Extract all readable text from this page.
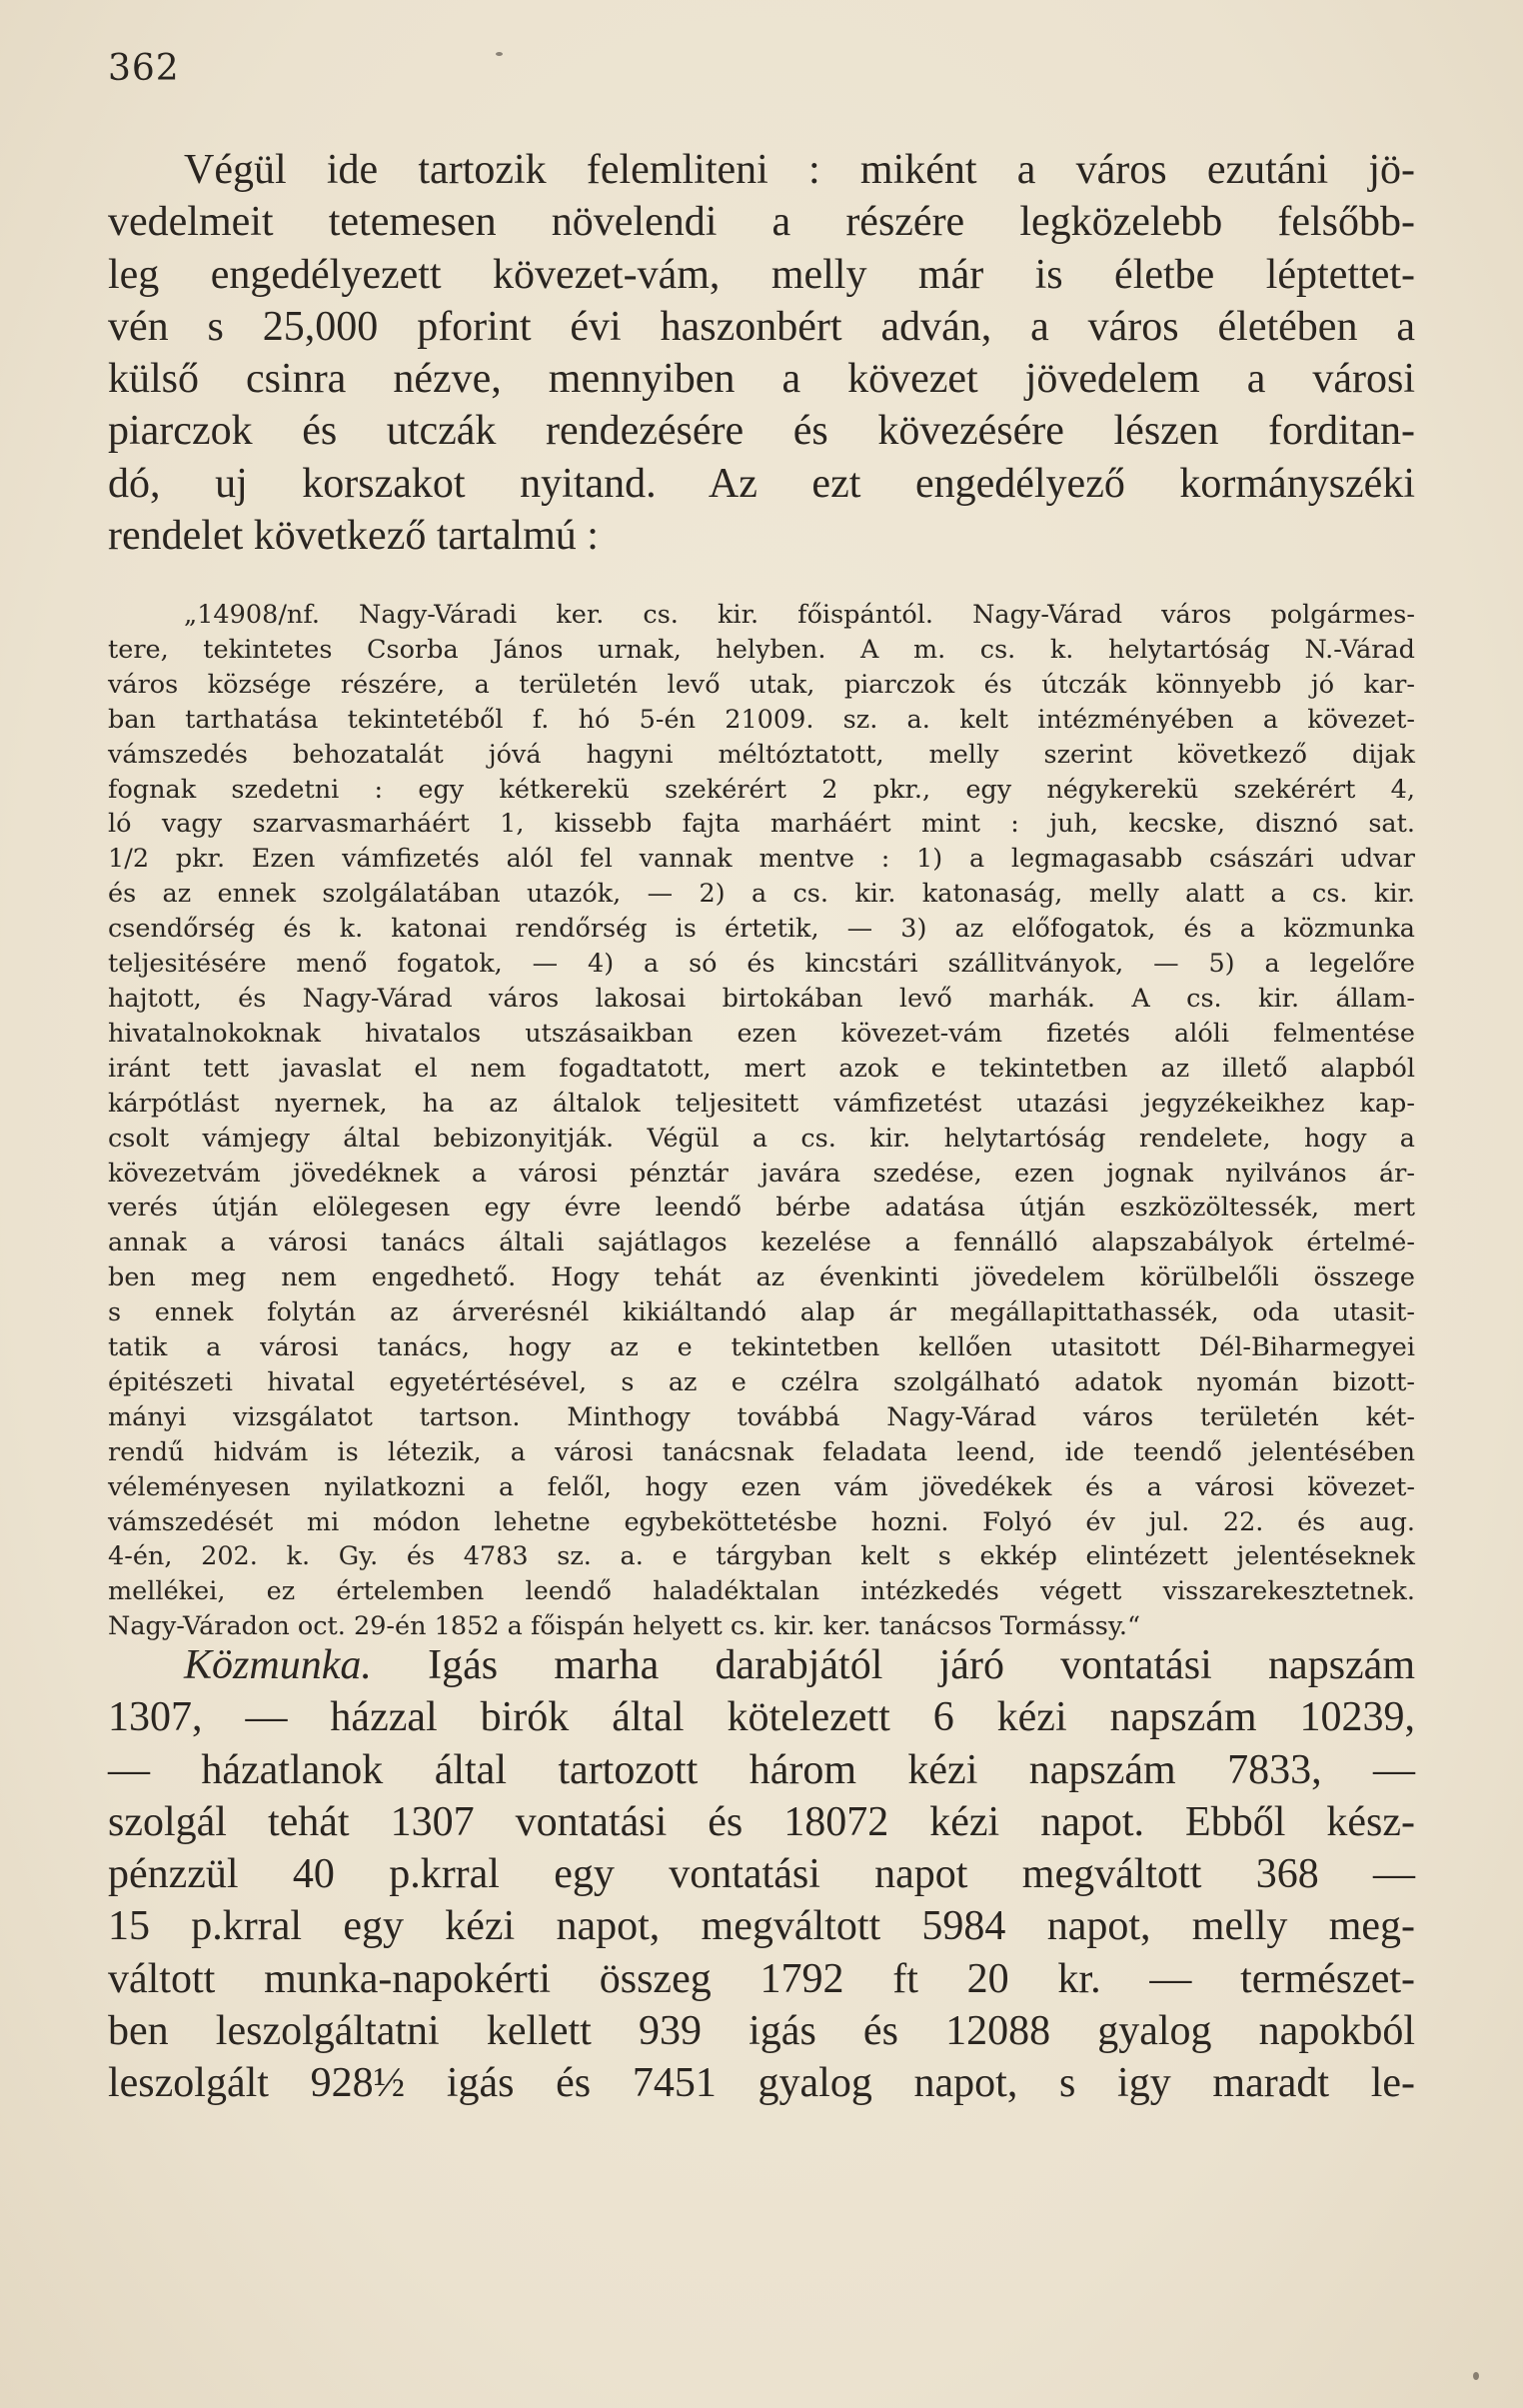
362

Végül ide tartozik felemliteni : miként a város ezutáni jö-
vedelmeit tetemesen növelendi a részére legközelebb felsőbb-
leg engedélyezett kövezet-vám, melly már is életbe léptettet-
vén s 25,000 pforint évi haszonbért adván, a város életében a
külső csinra nézve, mennyiben a kövezet jövedelem a városi
piarczok és utczák rendezésére és kövezésére lészen forditan-
dó, uj korszakot nyitand. Az ezt engedélyező kormányszéki
rendelet következő tartalmú :
„14908/nf. Nagy-Váradi ker. cs. kir. főispántól. Nagy-Várad város polgármes-
tere, tekintetes Csorba János urnak, helyben. A m. cs. k. helytartóság N.-Várad
város községe részére, a területén levő utak, piarczok és útczák könnyebb jó kar-
ban tarthatása tekintetéből f. hó 5-én 21009. sz. a. kelt intézményében a kövezet-
vámszedés behozatalát jóvá hagyni méltóztatott, melly szerint következő dijak
fognak szedetni : egy kétkerekü szekérért 2 pkr., egy négykerekü szekérért 4,
ló vagy szarvasmarháért 1, kissebb fajta marháért mint : juh, kecske, disznó sat.
1/2 pkr. Ezen vámfizetés alól fel vannak mentve : 1) a legmagasabb császári udvar
és az ennek szolgálatában utazók, — 2) a cs. kir. katonaság, melly alatt a cs. kir.
csendőrség és k. katonai rendőrség is értetik, — 3) az előfogatok, és a közmunka
teljesitésére menő fogatok, — 4) a só és kincstári szállitványok, — 5) a legelőre
hajtott, és Nagy-Várad város lakosai birtokában levő marhák. A cs. kir. állam-
hivatalnokoknak hivatalos utszásaikban ezen kövezet-vám fizetés alóli felmentése
iránt tett javaslat el nem fogadtatott, mert azok e tekintetben az illető alapból
kárpótlást nyernek, ha az általok teljesitett vámfizetést utazási jegyzékeikhez kap-
csolt vámjegy által bebizonyitják. Végül a cs. kir. helytartóság rendelete, hogy a
kövezetvám jövedéknek a városi pénztár javára szedése, ezen jognak nyilvános ár-
verés útján elölegesen egy évre leendő bérbe adatása útján eszközöltessék, mert
annak a városi tanács általi sajátlagos kezelése a fennálló alapszabályok értelmé-
ben meg nem engedhető. Hogy tehát az évenkinti jövedelem körülbelőli összege
s ennek folytán az árverésnél kikiáltandó alap ár megállapittathassék, oda utasit-
tatik a városi tanács, hogy az e tekintetben kellően utasitott Dél-Biharmegyei
épitészeti hivatal egyetértésével, s az e czélra szolgálható adatok nyomán bizott-
mányi vizsgálatot tartson. Minthogy továbbá Nagy-Várad város területén két-
rendű hidvám is létezik, a városi tanácsnak feladata leend, ide teendő jelentésében
véleményesen nyilatkozni a felől, hogy ezen vám jövedékek és a városi kövezet-
vámszedését mi módon lehetne egybeköttetésbe hozni. Folyó év jul. 22. és aug.
4-én, 202. k. Gy. és 4783 sz. a. e tárgyban kelt s ekkép elintézett jelentéseknek
mellékei, ez értelemben leendő haladéktalan intézkedés végett visszarekesztetnek.
Nagy-Váradon oct. 29-én 1852 a főispán helyett cs. kir. ker. tanácsos Tormássy.“
Közmunka. Igás marha darabjától járó vontatási napszám
1307, — házzal birók által kötelezett 6 kézi napszám 10239,
— házatlanok által tartozott három kézi napszám 7833, —
szolgál tehát 1307 vontatási és 18072 kézi napot. Ebből kész-
pénzzül 40 p.krral egy vontatási napot megváltott 368 —
15 p.krral egy kézi napot, megváltott 5984 napot, melly meg-
váltott munka-napokérti összeg 1792 ft 20 kr. — természet-
ben leszolgáltatni kellett 939 igás és 12088 gyalog napokból
leszolgált 928½ igás és 7451 gyalog napot, s igy maradt le-
